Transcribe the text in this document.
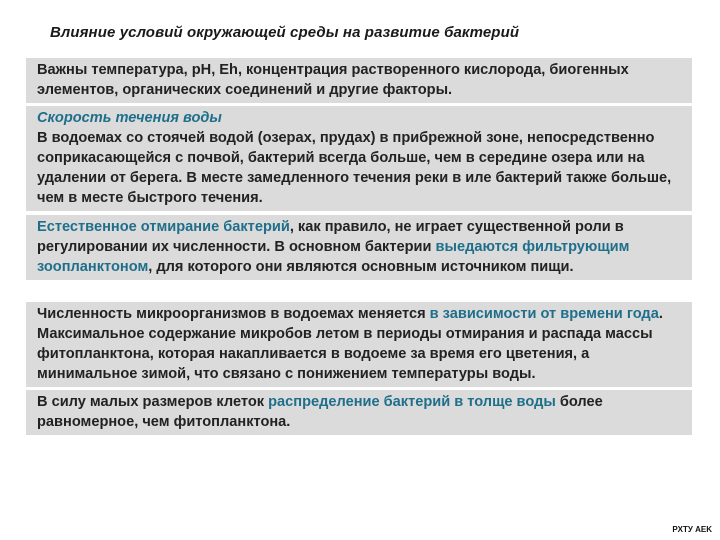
Влияние условий окружающей среды на развитие бактерий
Важны температура, pH, Eh, концентрация растворенного кислорода, биогенных элементов, органических соединений и другие факторы.
Скорость течения воды
В водоемах со стоячей водой (озерах, прудах) в прибрежной зоне, непосредственно соприкасающейся с почвой, бактерий всегда больше, чем в середине озера или на удалении от берега. В месте замедленного течения реки в иле бактерий также больше, чем в месте быстрого течения.
Естественное отмирание бактерий, как правило, не играет существенной роли в регулировании их численности. В основном бактерии выедаются фильтрующим зоопланктоном, для которого они являются основным источником пищи.
Численность микроорганизмов в водоемах меняется в зависимости от времени года. Максимальное содержание микробов летом в периоды отмирания и распада массы фитопланктона, которая накапливается в водоеме за время его цветения, а минимальное зимой, что связано с понижением температуры воды.
В силу малых размеров клеток распределение бактерий в толще воды более равномерное, чем фитопланктона.
PXTУ AEK
